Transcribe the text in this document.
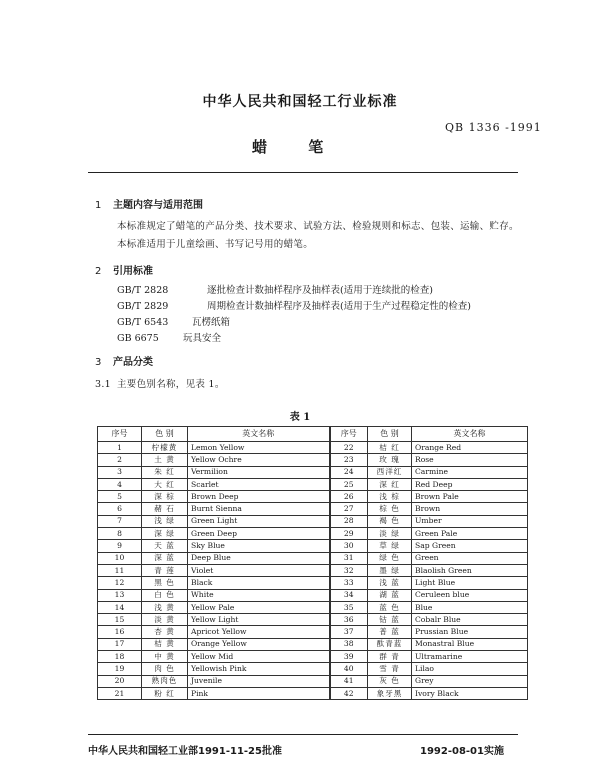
中华人民共和国轻工行业标准
QB 1336 -1991
蜡 笔
1 主题内容与适用范围
本标准规定了蜡笔的产品分类、技术要求、试验方法、检验规则和标志、包装、运输、贮存。
本标准适用于儿童绘画、书写记号用的蜡笔。
2 引用标准
GB/T 2828	逐批检查计数抽样程序及抽样表(适用于连续批的检查)
GB/T 2829	周期检查计数抽样程序及抽样表(适用于生产过程稳定性的检查)
GB/T 6543 瓦楞纸箱
GB 6675	玩具安全
3 产品分类
3.1 主要色别名称，见表 1。
表 1
序号	色 别	英文名称	序号	色 别	英文名称
1	柠檬黄	Lemon Yellow	22	桔 红	Orange Red
2	土 黄	Yellow Ochre	23	玫 瑰	Rose
3	朱 红	Vermilion	24	西洋红	Carmine
4	大 红	Scarlet	25	深 红	Red Deep
5	深 棕	Brown Deep	26	浅 棕	Brown Pale
6	赭 石	Burnt Sienna	27	棕 色	Brown
7	浅 绿	Green Light	28	褐 色	Umber
8	深 绿	Green Deep	29	淡 绿	Green Pale
9	天 蓝	Sky Blue	30	草 绿	Sap Green
10	深 蓝	Deep Blue	31	绿 色	Green
11	青 莲	Violet	32	墨 绿	Blaolish Green
12	黑 色	Black	33	浅 蓝	Light Blue
13	白 色	White	34	湖 蓝	Ceruleen blue
14	浅 黄	Yellow Pale	35	蓝 色	Blue
15	淡 黄	Yellow Light	36	钴 蓝	Cobalr Blue
16	杏 黄	Apricot Yellow	37	普 蓝	Prussian Blue
17	桔 黄	Orange Yellow	38	酞青蓝	Monastral Blue
18	中 黄	Yellow Mid	39	群 青	Ultramarine
19	肉 色	Yellowish Pink	40	雪 青	Lilao
20	熟肉色	Juvenile	41	灰 色	Grey
21	粉 红	Pink	42	象牙黑	Ivory Black
中华人民共和国轻工业部1991-11-25批准	1992-08-01实施
